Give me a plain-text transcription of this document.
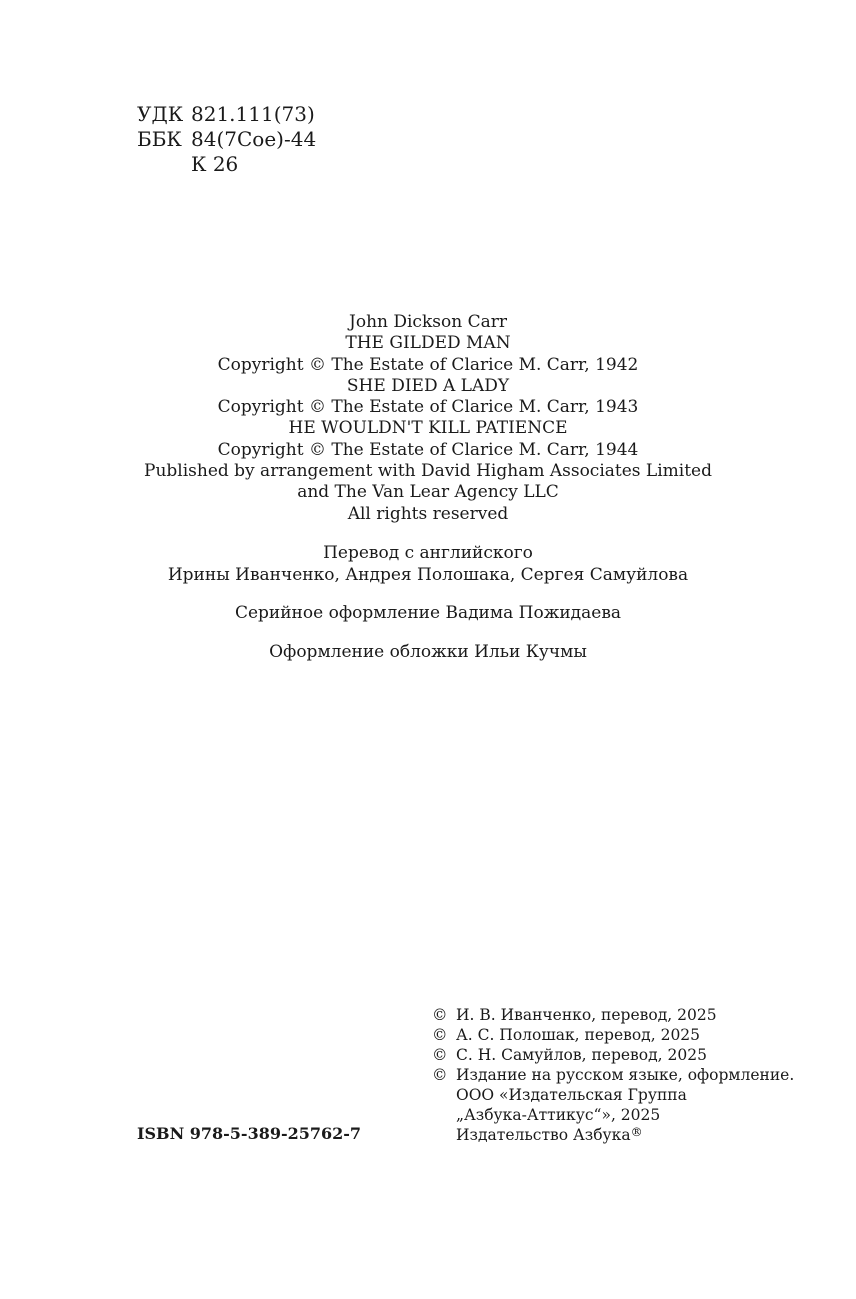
УДК 821.111(73)
ББК 84(7Сое)-44
К 26
John Dickson Carr
THE GILDED MAN
Copyright © The Estate of Clarice M. Carr, 1942
SHE DIED A LADY
Copyright © The Estate of Clarice M. Carr, 1943
HE WOULDN'T KILL PATIENCE
Copyright © The Estate of Clarice M. Carr, 1944
Published by arrangement with David Higham Associates Limited
and The Van Lear Agency LLC
All rights reserved
Перевод с английского
Ирины Иванченко, Андрея Полошака, Сергея Самуйлова
Серийное оформление Вадима Пожидаева
Оформление обложки Ильи Кучмы
© И. В. Иванченко, перевод, 2025
© А. С. Полошак, перевод, 2025
© С. Н. Самуйлов, перевод, 2025
© Издание на русском языке, оформление.
ООО «Издательская Группа
„Азбука-Аттикус“», 2025
Издательство Азбука®
ISBN 978-5-389-25762-7
